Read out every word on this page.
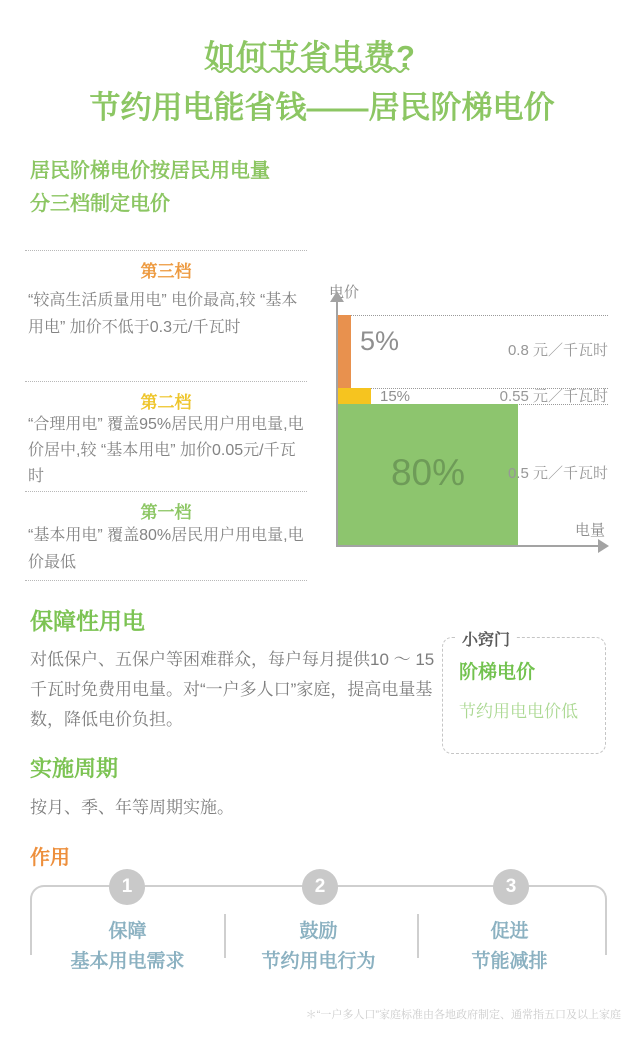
如何节省电费?
节约用电能省钱——居民阶梯电价
居民阶梯电价按居民用电量
分三档制定电价
第三档
“较高生活质量用电” 电价最高,较 “基本用电” 加价不低于0.3元/千瓦时
第二档
“合理用电” 覆盖95%居民用户用电量,电价居中,较 “基本用电” 加价0.05元/千瓦时
第一档
“基本用电” 覆盖80%居民用户用电量,电价最低
电价
电量
5%
15%
80%
0.8 元／千瓦时
0.55 元／千瓦时
0.5 元／千瓦时
保障性用电
对低保户、五保户等困难群众，每户每月提供10 ～ 15 千瓦时免费用电量。对“一户多人口”家庭，提高电量基数，降低电价负担。
小窍门
阶梯电价
节约用电电价低
实施周期
按月、季、年等周期实施。
作用
1	2	3
保障
基本用电需求
鼓励
节约用电行为
促进
节能减排
＊“一户多人口”家庭标准由各地政府制定、通常指五口及以上家庭
